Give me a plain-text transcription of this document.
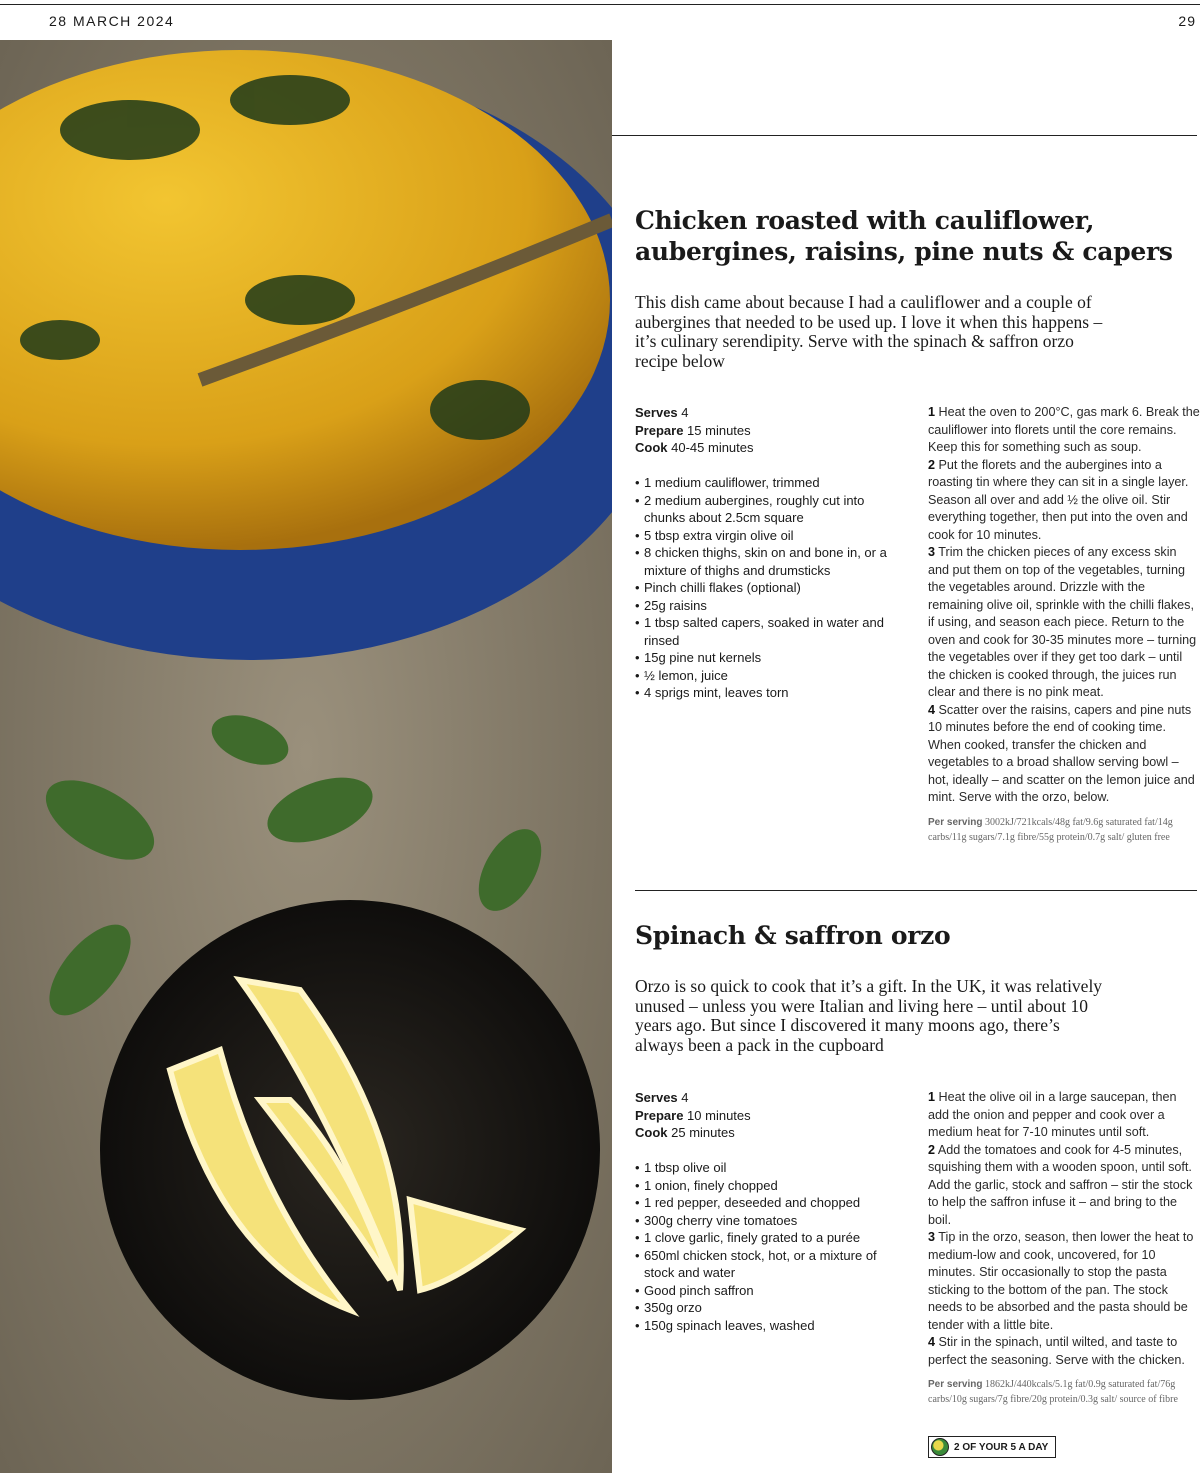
28 MARCH 2024	29
Chicken roasted with cauliflower,
aubergines, raisins, pine nuts & capers

This dish came about because I had a cauliflower and a couple of aubergines that needed to be used up. I love it when this happens – it’s culinary serendipity. Serve with the spinach & saffron orzo recipe below

Serves 4
Prepare 15 minutes
Cook 40-45 minutes
• 1 medium cauliflower, trimmed
• 2 medium aubergines, roughly cut into chunks about 2.5cm square
• 5 tbsp extra virgin olive oil
• 8 chicken thighs, skin on and bone in, or a mixture of thighs and drumsticks
• Pinch chilli flakes (optional)
• 25g raisins
• 1 tbsp salted capers, soaked in water and rinsed
• 15g pine nut kernels
• ½ lemon, juice
• 4 sprigs mint, leaves torn

1 Heat the oven to 200°C, gas mark 6. Break the cauliflower into florets until the core remains. Keep this for something such as soup.

2 Put the florets and the aubergines into a roasting tin where they can sit in a single layer. Season all over and add ½ the olive oil. Stir everything together, then put into the oven and cook for 10 minutes.

3 Trim the chicken pieces of any excess skin and put them on top of the vegetables, turning the vegetables around. Drizzle with the remaining olive oil, sprinkle with the chilli flakes, if using, and season each piece. Return to the oven and cook for 30-35 minutes more – turning the vegetables over if they get too dark – until the chicken is cooked through, the juices run clear and there is no pink meat.

4 Scatter over the raisins, capers and pine nuts 10 minutes before the end of cooking time. When cooked, transfer the chicken and vegetables to a broad shallow serving bowl – hot, ideally – and scatter on the lemon juice and mint. Serve with the orzo, below.

Per serving 3002kJ/721kcals/48g fat/9.6g saturated fat/14g carbs/11g sugars/7.1g fibre/55g protein/0.7g salt/ gluten free
Spinach & saffron orzo

Orzo is so quick to cook that it’s a gift. In the UK, it was relatively unused – unless you were Italian and living here – until about 10 years ago. But since I discovered it many moons ago, there’s always been a pack in the cupboard

Serves 4
Prepare 10 minutes
Cook 25 minutes
• 1 tbsp olive oil
• 1 onion, finely chopped
• 1 red pepper, deseeded and chopped
• 300g cherry vine tomatoes
• 1 clove garlic, finely grated to a purée
• 650ml chicken stock, hot, or a mixture of stock and water
• Good pinch saffron
• 350g orzo
• 150g spinach leaves, washed

1 Heat the olive oil in a large saucepan, then add the onion and pepper and cook over a medium heat for 7-10 minutes until soft.

2 Add the tomatoes and cook for 4-5 minutes, squishing them with a wooden spoon, until soft. Add the garlic, stock and saffron – stir the stock to help the saffron infuse it – and bring to the boil.

3 Tip in the orzo, season, then lower the heat to medium-low and cook, uncovered, for 10 minutes. Stir occasionally to stop the pasta sticking to the bottom of the pan. The stock needs to be absorbed and the pasta should be tender with a little bite.

4 Stir in the spinach, until wilted, and taste to perfect the seasoning. Serve with the chicken.

Per serving 1862kJ/440kcals/5.1g fat/0.9g saturated fat/76g carbs/10g sugars/7g fibre/20g protein/0.3g salt/ source of fibre
2 OF YOUR 5 A DAY
